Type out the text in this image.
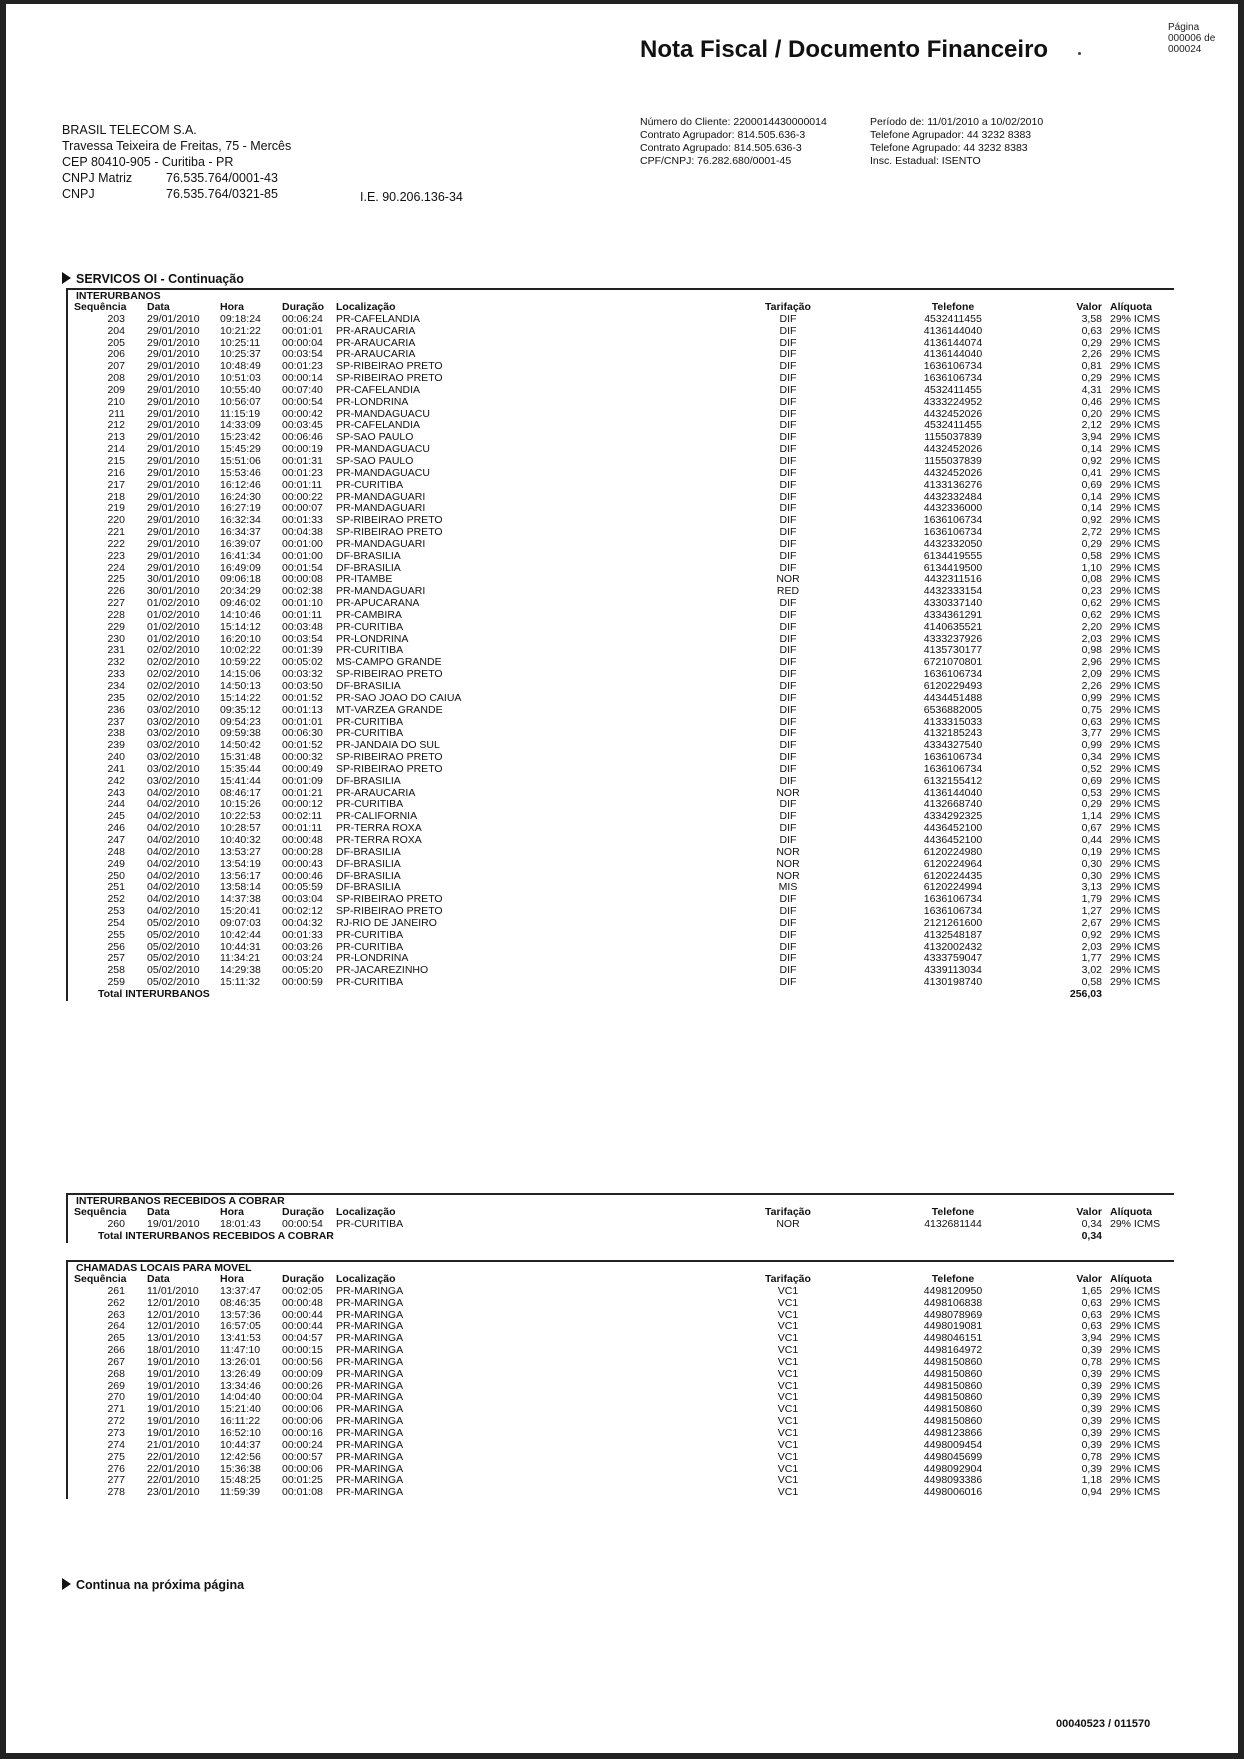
Nota Fiscal / Documento Financeiro
Página
000006 de
000024
BRASIL TELECOM S.A.
Travessa Teixeira de Freitas, 75 - Mercês
CEP 80410-905 - Curitiba - PR
CNPJ Matriz	76.535.764/0001-43
CNPJ	76.535.764/0321-85	I.E. 90.206.136-34
Número do Cliente: 2200014430000014
Contrato Agrupador: 814.505.636-3
Contrato Agrupado: 814.505.636-3
CPF/CNPJ: 76.282.680/0001-45
Período de: 11/01/2010 a 10/02/2010
Telefone Agrupador: 44 3232 8383
Telefone Agrupado: 44 3232 8383
Insc. Estadual: ISENTO
SERVICOS OI - Continuação
INTERURBANOS
Sequência Data	Hora	Duração Localização	Tarifação	Telefone	Valor Alíquota
203 29/01/2010 09:18:24 00:06:24 PR-CAFELANDIA	DIF	4532411455	3,58 29% ICMS
204 29/01/2010 10:21:22 00:01:01 PR-ARAUCARIA	DIF	4136144040	0,63 29% ICMS
205 29/01/2010 10:25:11 00:00:04 PR-ARAUCARIA	DIF	4136144074	0,29 29% ICMS
206 29/01/2010 10:25:37 00:03:54 PR-ARAUCARIA	DIF	4136144040	2,26 29% ICMS
207 29/01/2010 10:48:49 00:01:23 SP-RIBEIRAO PRETO	DIF	1636106734	0,81 29% ICMS
208 29/01/2010 10:51:03 00:00:14 SP-RIBEIRAO PRETO	DIF	1636106734	0,29 29% ICMS
209 29/01/2010 10:55:40 00:07:40 PR-CAFELANDIA	DIF	4532411455	4,31 29% ICMS
210 29/01/2010 10:56:07 00:00:54 PR-LONDRINA	DIF	4333224952	0,46 29% ICMS
211 29/01/2010 11:15:19 00:00:42 PR-MANDAGUACU	DIF	4432452026	0,20 29% ICMS
212 29/01/2010 14:33:09 00:03:45 PR-CAFELANDIA	DIF	4532411455	2,12 29% ICMS
213 29/01/2010 15:23:42 00:06:46 SP-SAO PAULO	DIF	1155037839	3,94 29% ICMS
214 29/01/2010 15:45:29 00:00:19 PR-MANDAGUACU	DIF	4432452026	0,14 29% ICMS
215 29/01/2010 15:51:06 00:01:31 SP-SAO PAULO	DIF	1155037839	0,92 29% ICMS
216 29/01/2010 15:53:46 00:01:23 PR-MANDAGUACU	DIF	4432452026	0,41 29% ICMS
217 29/01/2010 16:12:46 00:01:11 PR-CURITIBA	DIF	4133136276	0,69 29% ICMS
218 29/01/2010 16:24:30 00:00:22 PR-MANDAGUARI	DIF	4432332484	0,14 29% ICMS
219 29/01/2010 16:27:19 00:00:07 PR-MANDAGUARI	DIF	4432336000	0,14 29% ICMS
220 29/01/2010 16:32:34 00:01:33 SP-RIBEIRAO PRETO	DIF	1636106734	0,92 29% ICMS
221 29/01/2010 16:34:37 00:04:38 SP-RIBEIRAO PRETO	DIF	1636106734	2,72 29% ICMS
222 29/01/2010 16:39:07 00:01:00 PR-MANDAGUARI	DIF	4432332050	0,29 29% ICMS
223 29/01/2010 16:41:34 00:01:00 DF-BRASILIA	DIF	6134419555	0,58 29% ICMS
224 29/01/2010 16:49:09 00:01:54 DF-BRASILIA	DIF	6134419500	1,10 29% ICMS
225 30/01/2010 09:06:18 00:00:08 PR-ITAMBE	NOR	4432311516	0,08 29% ICMS
226 30/01/2010 20:34:29 00:02:38 PR-MANDAGUARI	RED	4432333154	0,23 29% ICMS
227 01/02/2010 09:46:02 00:01:10 PR-APUCARANA	DIF	4330337140	0,62 29% ICMS
228 01/02/2010 14:10:46 00:01:11 PR-CAMBIRA	DIF	4334361291	0,62 29% ICMS
229 01/02/2010 15:14:12 00:03:48 PR-CURITIBA	DIF	4140635521	2,20 29% ICMS
230 01/02/2010 16:20:10 00:03:54 PR-LONDRINA	DIF	4333237926	2,03 29% ICMS
231 02/02/2010 10:02:22 00:01:39 PR-CURITIBA	DIF	4135730177	0,98 29% ICMS
232 02/02/2010 10:59:22 00:05:02 MS-CAMPO GRANDE	DIF	6721070801	2,96 29% ICMS
233 02/02/2010 14:15:06 00:03:32 SP-RIBEIRAO PRETO	DIF	1636106734	2,09 29% ICMS
234 02/02/2010 14:50:13 00:03:50 DF-BRASILIA	DIF	6120229493	2,26 29% ICMS
235 02/02/2010 15:14:22 00:01:52 PR-SAO JOAO DO CAIUA	DIF	4434451488	0,99 29% ICMS
236 03/02/2010 09:35:12 00:01:13 MT-VARZEA GRANDE	DIF	6536882005	0,75 29% ICMS
237 03/02/2010 09:54:23 00:01:01 PR-CURITIBA	DIF	4133315033	0,63 29% ICMS
238 03/02/2010 09:59:38 00:06:30 PR-CURITIBA	DIF	4132185243	3,77 29% ICMS
239 03/02/2010 14:50:42 00:01:52 PR-JANDAIA DO SUL	DIF	4334327540	0,99 29% ICMS
240 03/02/2010 15:31:48 00:00:32 SP-RIBEIRAO PRETO	DIF	1636106734	0,34 29% ICMS
241 03/02/2010 15:35:44 00:00:49 SP-RIBEIRAO PRETO	DIF	1636106734	0,52 29% ICMS
242 03/02/2010 15:41:44 00:01:09 DF-BRASILIA	DIF	6132155412	0,69 29% ICMS
243 04/02/2010 08:46:17 00:01:21 PR-ARAUCARIA	NOR	4136144040	0,53 29% ICMS
244 04/02/2010 10:15:26 00:00:12 PR-CURITIBA	DIF	4132668740	0,29 29% ICMS
245 04/02/2010 10:22:53 00:02:11 PR-CALIFORNIA	DIF	4334292325	1,14 29% ICMS
246 04/02/2010 10:28:57 00:01:11 PR-TERRA ROXA	DIF	4436452100	0,67 29% ICMS
247 04/02/2010 10:40:32 00:00:48 PR-TERRA ROXA	DIF	4436452100	0,44 29% ICMS
248 04/02/2010 13:53:27 00:00:28 DF-BRASILIA	NOR	6120224980	0,19 29% ICMS
249 04/02/2010 13:54:19 00:00:43 DF-BRASILIA	NOR	6120224964	0,30 29% ICMS
250 04/02/2010 13:56:17 00:00:46 DF-BRASILIA	NOR	6120224435	0,30 29% ICMS
251 04/02/2010 13:58:14 00:05:59 DF-BRASILIA	MIS	6120224994	3,13 29% ICMS
252 04/02/2010 14:37:38 00:03:04 SP-RIBEIRAO PRETO	DIF	1636106734	1,79 29% ICMS
253 04/02/2010 15:20:41 00:02:12 SP-RIBEIRAO PRETO	DIF	1636106734	1,27 29% ICMS
254 05/02/2010 09:07:03 00:04:32 RJ-RIO DE JANEIRO	DIF	2121261600	2,67 29% ICMS
255 05/02/2010 10:42:44 00:01:33 PR-CURITIBA	DIF	4132548187	0,92 29% ICMS
256 05/02/2010 10:44:31 00:03:26 PR-CURITIBA	DIF	4132002432	2,03 29% ICMS
257 05/02/2010 11:34:21 00:03:24 PR-LONDRINA	DIF	4333759047	1,77 29% ICMS
258 05/02/2010 14:29:38 00:05:20 PR-JACAREZINHO	DIF	4339113034	3,02 29% ICMS
259 05/02/2010 15:11:32 00:00:59 PR-CURITIBA	DIF	4130198740	0,58 29% ICMS
Total INTERURBANOS	256,03
INTERURBANOS RECEBIDOS A COBRAR
Sequência Data	Hora	Duração Localização	Tarifação	Telefone	Valor Alíquota
260 19/01/2010 18:01:43 00:00:54 PR-CURITIBA	NOR	4132681144	0,34 29% ICMS
Total INTERURBANOS RECEBIDOS A COBRAR	0,34
CHAMADAS LOCAIS PARA MOVEL
Sequência Data	Hora	Duração Localização	Tarifação	Telefone	Valor Alíquota
261 11/01/2010 13:37:47 00:02:05 PR-MARINGA	VC1	4498120950	1,65 29% ICMS
262 12/01/2010 08:46:35 00:00:48 PR-MARINGA	VC1	4498106838	0,63 29% ICMS
263 12/01/2010 13:57:36 00:00:44 PR-MARINGA	VC1	4498078969	0,63 29% ICMS
264 12/01/2010 16:57:05 00:00:44 PR-MARINGA	VC1	4498019081	0,63 29% ICMS
265 13/01/2010 13:41:53 00:04:57 PR-MARINGA	VC1	4498046151	3,94 29% ICMS
266 18/01/2010 11:47:10 00:00:15 PR-MARINGA	VC1	4498164972	0,39 29% ICMS
267 19/01/2010 13:26:01 00:00:56 PR-MARINGA	VC1	4498150860	0,78 29% ICMS
268 19/01/2010 13:26:49 00:00:09 PR-MARINGA	VC1	4498150860	0,39 29% ICMS
269 19/01/2010 13:34:46 00:00:26 PR-MARINGA	VC1	4498150860	0,39 29% ICMS
270 19/01/2010 14:04:40 00:00:04 PR-MARINGA	VC1	4498150860	0,39 29% ICMS
271 19/01/2010 15:21:40 00:00:06 PR-MARINGA	VC1	4498150860	0,39 29% ICMS
272 19/01/2010 16:11:22 00:00:06 PR-MARINGA	VC1	4498150860	0,39 29% ICMS
273 19/01/2010 16:52:10 00:00:16 PR-MARINGA	VC1	4498123866	0,39 29% ICMS
274 21/01/2010 10:44:37 00:00:24 PR-MARINGA	VC1	4498009454	0,39 29% ICMS
275 22/01/2010 12:42:56 00:00:57 PR-MARINGA	VC1	4498045699	0,78 29% ICMS
276 22/01/2010 15:36:38 00:00:06 PR-MARINGA	VC1	4498092904	0,39 29% ICMS
277 22/01/2010 15:48:25 00:01:25 PR-MARINGA	VC1	4498093386	1,18 29% ICMS
278 23/01/2010 11:59:39 00:01:08 PR-MARINGA	VC1	4498006016	0,94 29% ICMS
Continua na próxima página
00040523 / 011570
